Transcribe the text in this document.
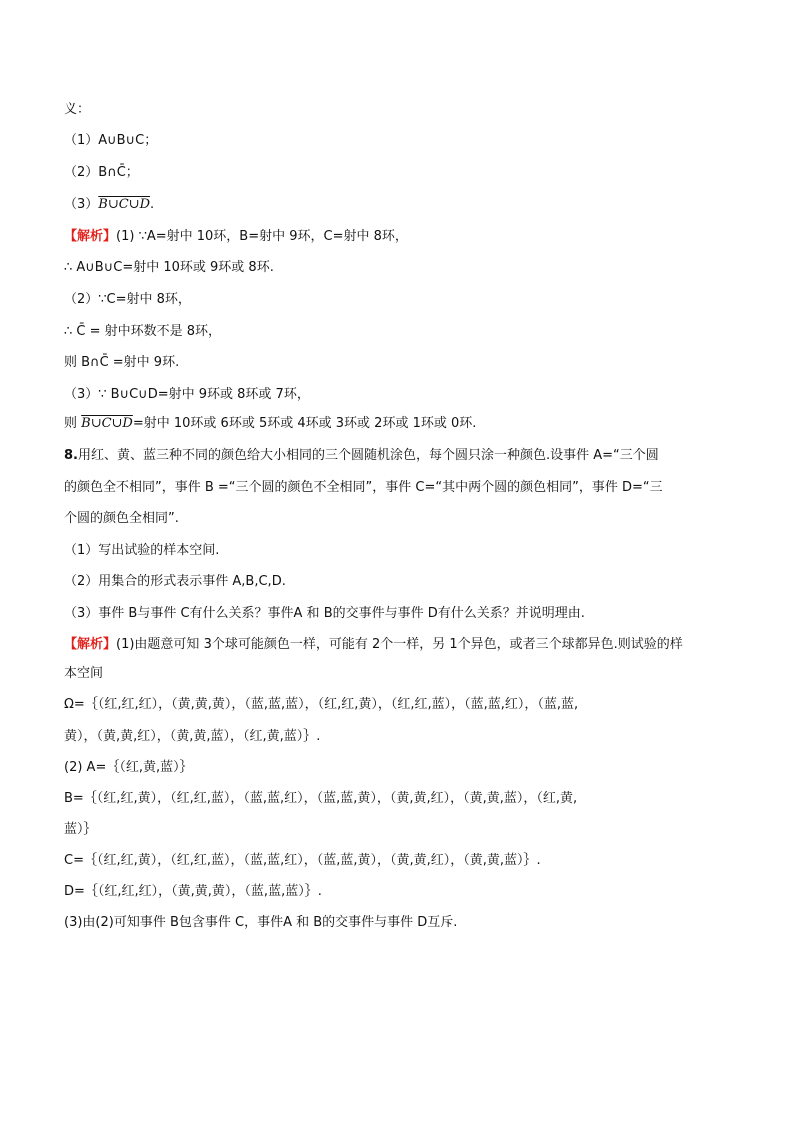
义：
（1）A∪B∪C；
（2）B∩C̄；
（3）B∪C∪D.
【解析】(1) ∵A=射中 10环，B=射中 9环，C=射中 8环，
∴ A∪B∪C=射中 10环或 9环或 8环.
（2）∵C=射中 8环，
∴ C̄ = 射中环数不是 8环，
则 B∩C̄ =射中 9环.
（3）∵ B∪C∪D=射中 9环或 8环或 7环，
则 B∪C∪D=射中 10环或 6环或 5环或 4环或 3环或 2环或 1环或 0环.
8.用红、黄、蓝三种不同的颜色给大小相同的三个圆随机涂色，每个圆只涂一种颜色.设事件 A=“三个圆
的颜色全不相同”，事件 B =“三个圆的颜色不全相同”，事件 C=“其中两个圆的颜色相同”，事件 D=“三
个圆的颜色全相同”.
（1）写出试验的样本空间.
（2）用集合的形式表示事件 A,B,C,D.
（3）事件 B与事件 C有什么关系？事件A 和 B的交事件与事件 D有什么关系？并说明理由.
【解析】(1)由题意可知 3个球可能颜色一样，可能有 2个一样，另 1个异色，或者三个球都异色.则试验的样
本空间
Ω=｛（红,红,红），（黄,黄,黄），（蓝,蓝,蓝），（红,红,黄），（红,红,蓝），（蓝,蓝,红），（蓝,蓝,
黄），（黄,黄,红），（黄,黄,蓝），（红,黄,蓝）｝.
(2) A=｛（红,黄,蓝）｝
B=｛（红,红,黄），（红,红,蓝），（蓝,蓝,红），（蓝,蓝,黄），（黄,黄,红），（黄,黄,蓝），（红,黄,
蓝）｝
C=｛（红,红,黄），（红,红,蓝），（蓝,蓝,红），（蓝,蓝,黄），（黄,黄,红），（黄,黄,蓝）｝.
D=｛（红,红,红），（黄,黄,黄），（蓝,蓝,蓝）｝.
(3)由(2)可知事件 B包含事件 C，事件A 和 B的交事件与事件 D互斥.
